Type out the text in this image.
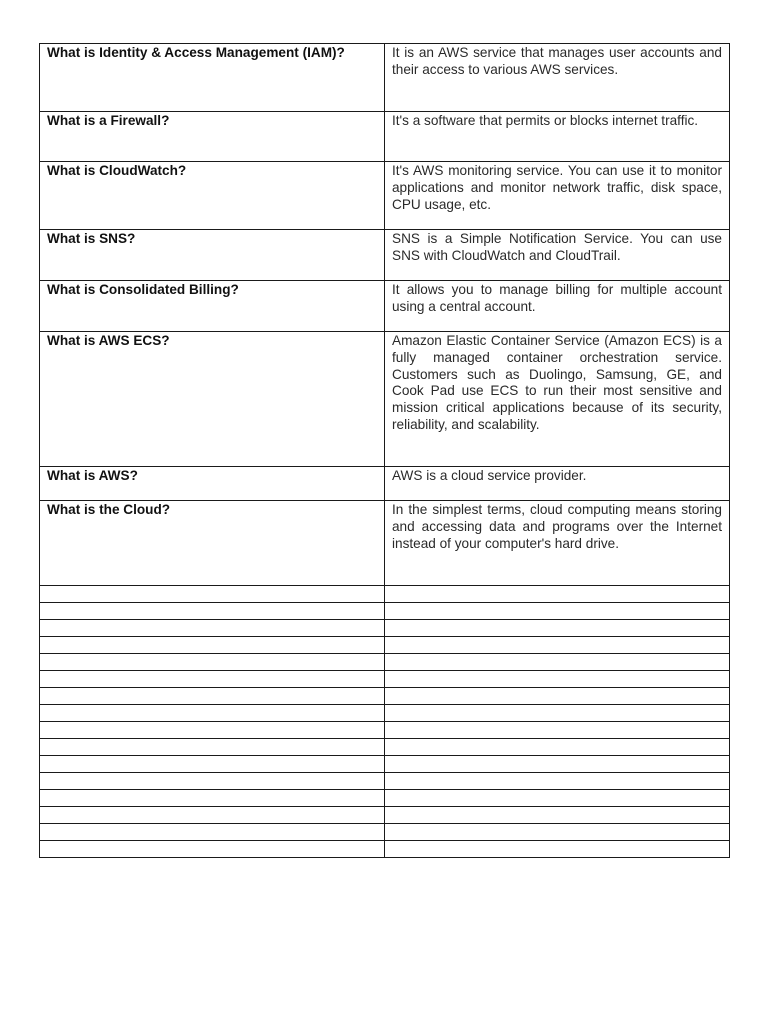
What is Identity & Access Management (IAM)?	It is an AWS service that manages user accounts and their access to various AWS services.
What is a Firewall?	It's a software that permits or blocks internet traffic.
What is CloudWatch?	It's AWS monitoring service. You can use it to monitor applications and monitor network traffic, disk space, CPU usage, etc.
What is SNS?	SNS is a Simple Notification Service. You can use SNS with CloudWatch and CloudTrail.
What is Consolidated Billing?	It allows you to manage billing for multiple account using a central account.
What is AWS ECS?	Amazon Elastic Container Service (Amazon ECS) is a fully managed container orchestration service. Customers such as Duolingo, Samsung, GE, and Cook Pad use ECS to run their most sensitive and mission critical applications because of its security, reliability, and scalability.
What is AWS?	AWS is a cloud service provider.
What is the Cloud?	In the simplest terms, cloud computing means storing and accessing data and programs over the Internet instead of your computer's hard drive.
